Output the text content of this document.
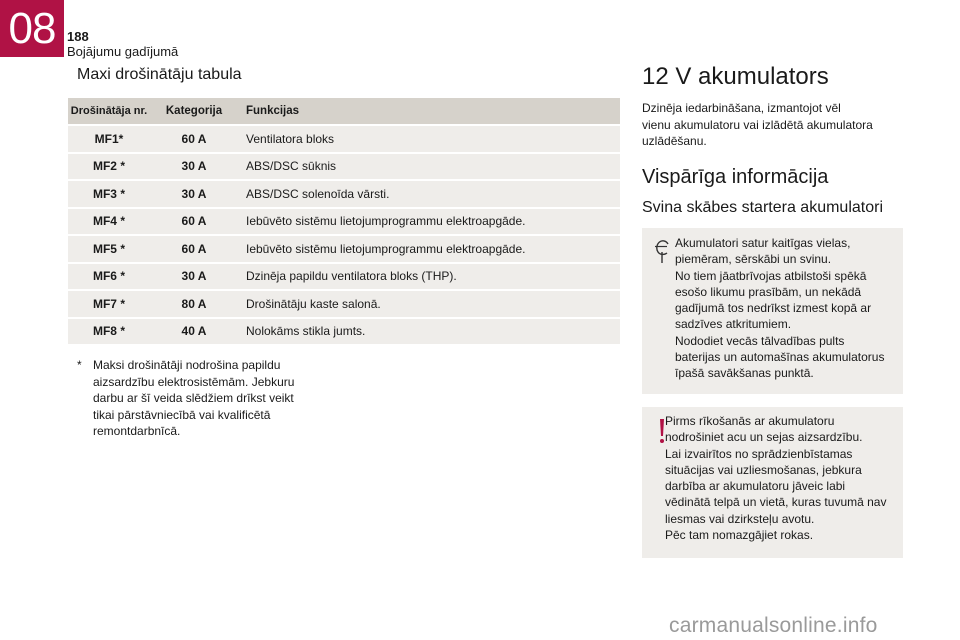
08 188
Bojājumu gadījumā
Maxi drošinātāju tabula
Drošinātāja nr.	Kategorija	Funkcijas
MF1*	60 A	Ventilatora bloks
MF2 *	30 A	ABS/DSC sūknis
MF3 *	30 A	ABS/DSC solenoīda vārsti.
MF4 *	60 A	Iebūvēto sistēmu lietojumprogrammu elektroapgāde.
MF5 *	60 A	Iebūvēto sistēmu lietojumprogrammu elektroapgāde.
MF6 *	30 A	Dzinēja papildu ventilatora bloks (THP).
MF7 *	80 A	Drošinātāju kaste salonā.
MF8 *	40 A	Nolokāms stikla jumts.
* Maksi drošinātāji nodrošina papildu
aizsardzību elektrosistēmām. Jebkuru
darbu ar šī veida slēdžiem drīkst veikt
tikai pārstāvniecībā vai kvalificētā
remontdarbnīcā.
12 V akumulators
Dzinēja iedarbināšana, izmantojot vēl
vienu akumulatoru vai izlādētā akumulatora
uzlādēšanu.
Vispārīga informācija
Svina skābes startera akumulatori
Akumulatori satur kaitīgas vielas,
piemēram, sērskābi un svinu.
No tiem jāatbrīvojas atbilstoši spēkā
esošo likumu prasībām, un nekādā
gadījumā tos nedrīkst izmest kopā ar
sadzīves atkritumiem.
Nododiet vecās tālvadības pults
baterijas un automašīnas akumulatorus
īpašā savākšanas punktā.
Pirms rīkošanās ar akumulatoru
nodrošiniet acu un sejas aizsardzību.
Lai izvairītos no sprādzienbīstamas
situācijas vai uzliesmošanas, jebkura
darbība ar akumulatoru jāveic labi
vēdinātā telpā un vietā, kuras tuvumā nav
liesmas vai dzirksteļu avotu.
Pēc tam nomazgājiet rokas.
carmanualsonline.info
